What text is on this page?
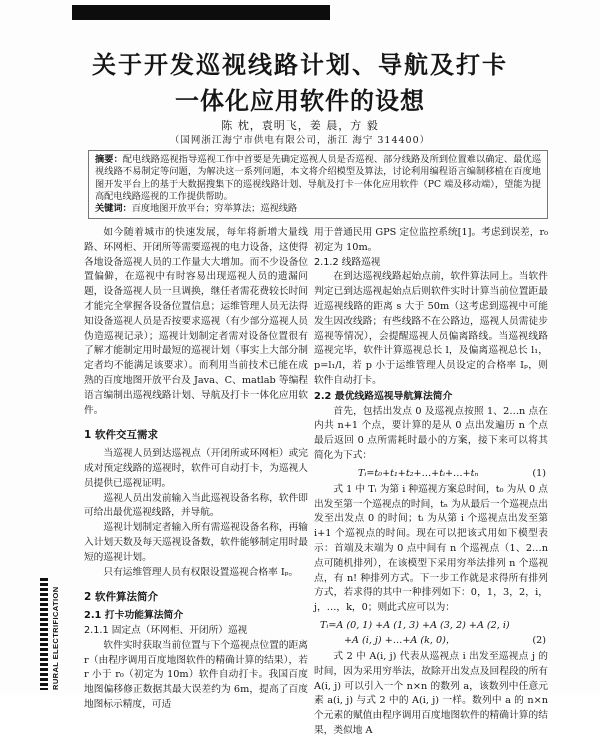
关于开发巡视线路计划、导航及打卡
一体化应用软件的设想
陈 枕，袁明飞，姜 晨，方 毅
（国网浙江海宁市供电有限公司，浙江 海宁 314400）
摘要：配电线路巡视指导巡视工作中首要是先确定巡视人员是否巡视、部分线路及所到位置难以确定、最优巡视线路不易制定等问题，为解决这一系列问题，本文将介绍模型及算法，讨论利用编程语言编制移植在百度地图开发平台上的基于大数据搜集下的巡视线路计划、导航及打卡一体化应用软件（PC 端及移动端），望能为提高配电线路巡视的工作提供帮助。
关键词：百度地图开放平台；穷举算法；巡视线路

如今随着城市的快速发展，每年将新增大量线路、环网柜、开闭所等需要巡视的电力设备，这使得各地设备巡视人员的工作量大大增加。而不少设备位置偏僻，在巡视中有时容易出现巡视人员的遗漏问题，设备巡视人员一旦调换，继任者需花费较长时间才能完全掌握各设备位置信息；运维管理人员无法得知设备巡视人员是否按要求巡视（有少部分巡视人员伪造巡视记录）；巡视计划制定者需对设备位置很有了解才能制定用时最短的巡视计划（事实上大部分制定者均不能满足该要求）。而利用当前技术已能在成熟的百度地图开放平台及 Java、C、matlab 等编程语言编制出巡视线路计划、导航及打卡一体化应用软件。

1 软件交互需求

当巡视人员到达巡视点（开闭所或环网柜）或完成对预定线路的巡视时，软件可自动打卡，为巡视人员提供已巡视证明。

巡视人员出发前输入当此巡视设备名称，软件即可给出最优巡视线路，并导航。

巡视计划制定者输入所有需巡视设备名称，再输入计划天数及每天巡视设备数，软件能够制定用时最短的巡视计划。

只有运维管理人员有权限设置巡视合格率 Iₚ。

2 软件算法简介
2.1 打卡功能算法简介
2.1.1 固定点（环网柜、开闭所）巡视

软件实时获取当前位置与下个巡视点位置的距离 r（由程序调用百度地图软件的精确计算的结果），若 r 小于 r₀（初定为 10m）软件自动打卡。我国百度地图偏移修正数据其最大误差约为 6m，提高了百度地图标示精度，可适

用于普通民用 GPS 定位监控系统[1]。考虑到误差，r₀ 初定为 10m。

2.1.2 线路巡视

在到达巡视线路起始点前，软件算法同上。当软件判定已到达巡视起始点后则软件实时计算当前位置距最近巡视线路的距离 s 大于 50m（这考虑到巡视中可能发生因改线路；有些线路不在公路边，巡视人员需徒步巡视等情况），会提醒巡视人员偏离路线。当巡视线路巡视完毕，软件计算巡视总长 l，及偏离巡视总长 l₁，p=l₁/l，若 p 小于运维管理人员设定的合格率 Iₚ，则软件自动打卡。

2.2 最优线路巡视导航算法简介

首先，包括出发点 0 及巡视点按照 1、2…n 点在内共 n+1 个点，要计算的是从 0 点出发遍历 n 个点最后返回 0 点所需耗时最小的方案，接下来可以将其简化为下式：

Tᵢ=t₀+t₁+t₂+…+tᵢ+…+tₙ	(1)

式 1 中 Tᵢ 为第 i 种巡视方案总时间，t₀ 为从 0 点出发至第一个巡视点的时间，tₙ 为从最后一个巡视点出发至出发点 0 的时间；tᵢ 为从第 i 个巡视点出发至第 i+1 个巡视点的时间。现在可以把该式用如下模型表示：首端及末端为 0 点中间有 n 个巡视点（1、2…n 点可随机排列），在该模型下采用穷举法排列 n 个巡视点，有 n! 种排列方式。下一步工作就是求得所有排列方式，若求得的其中一种排列如下：0，1，3，2，i，j，…，k，0；则此式应可以为：

Tᵢ=A (0, 1) +A (1, 3) +A (3, 2) +A (2, i)
+A (i, j) +…+A (k, 0)，	(2)

式 2 中 A(i, j) 代表从巡视点 i 出发至巡视点 j 的时间，因为采用穷举法，故除开出发点及回程段的所有 A(i, j) 可以引入一个 n×n 的数列 a，该数列中任意元素 a(i, j) 与式 2 中的 A(i, j) 一样。数列中 a 的 n×n 个元素的赋值由程序调用百度地图软件的精确计算的结果，类似地 A

RURAL ELECTRIFICATION
